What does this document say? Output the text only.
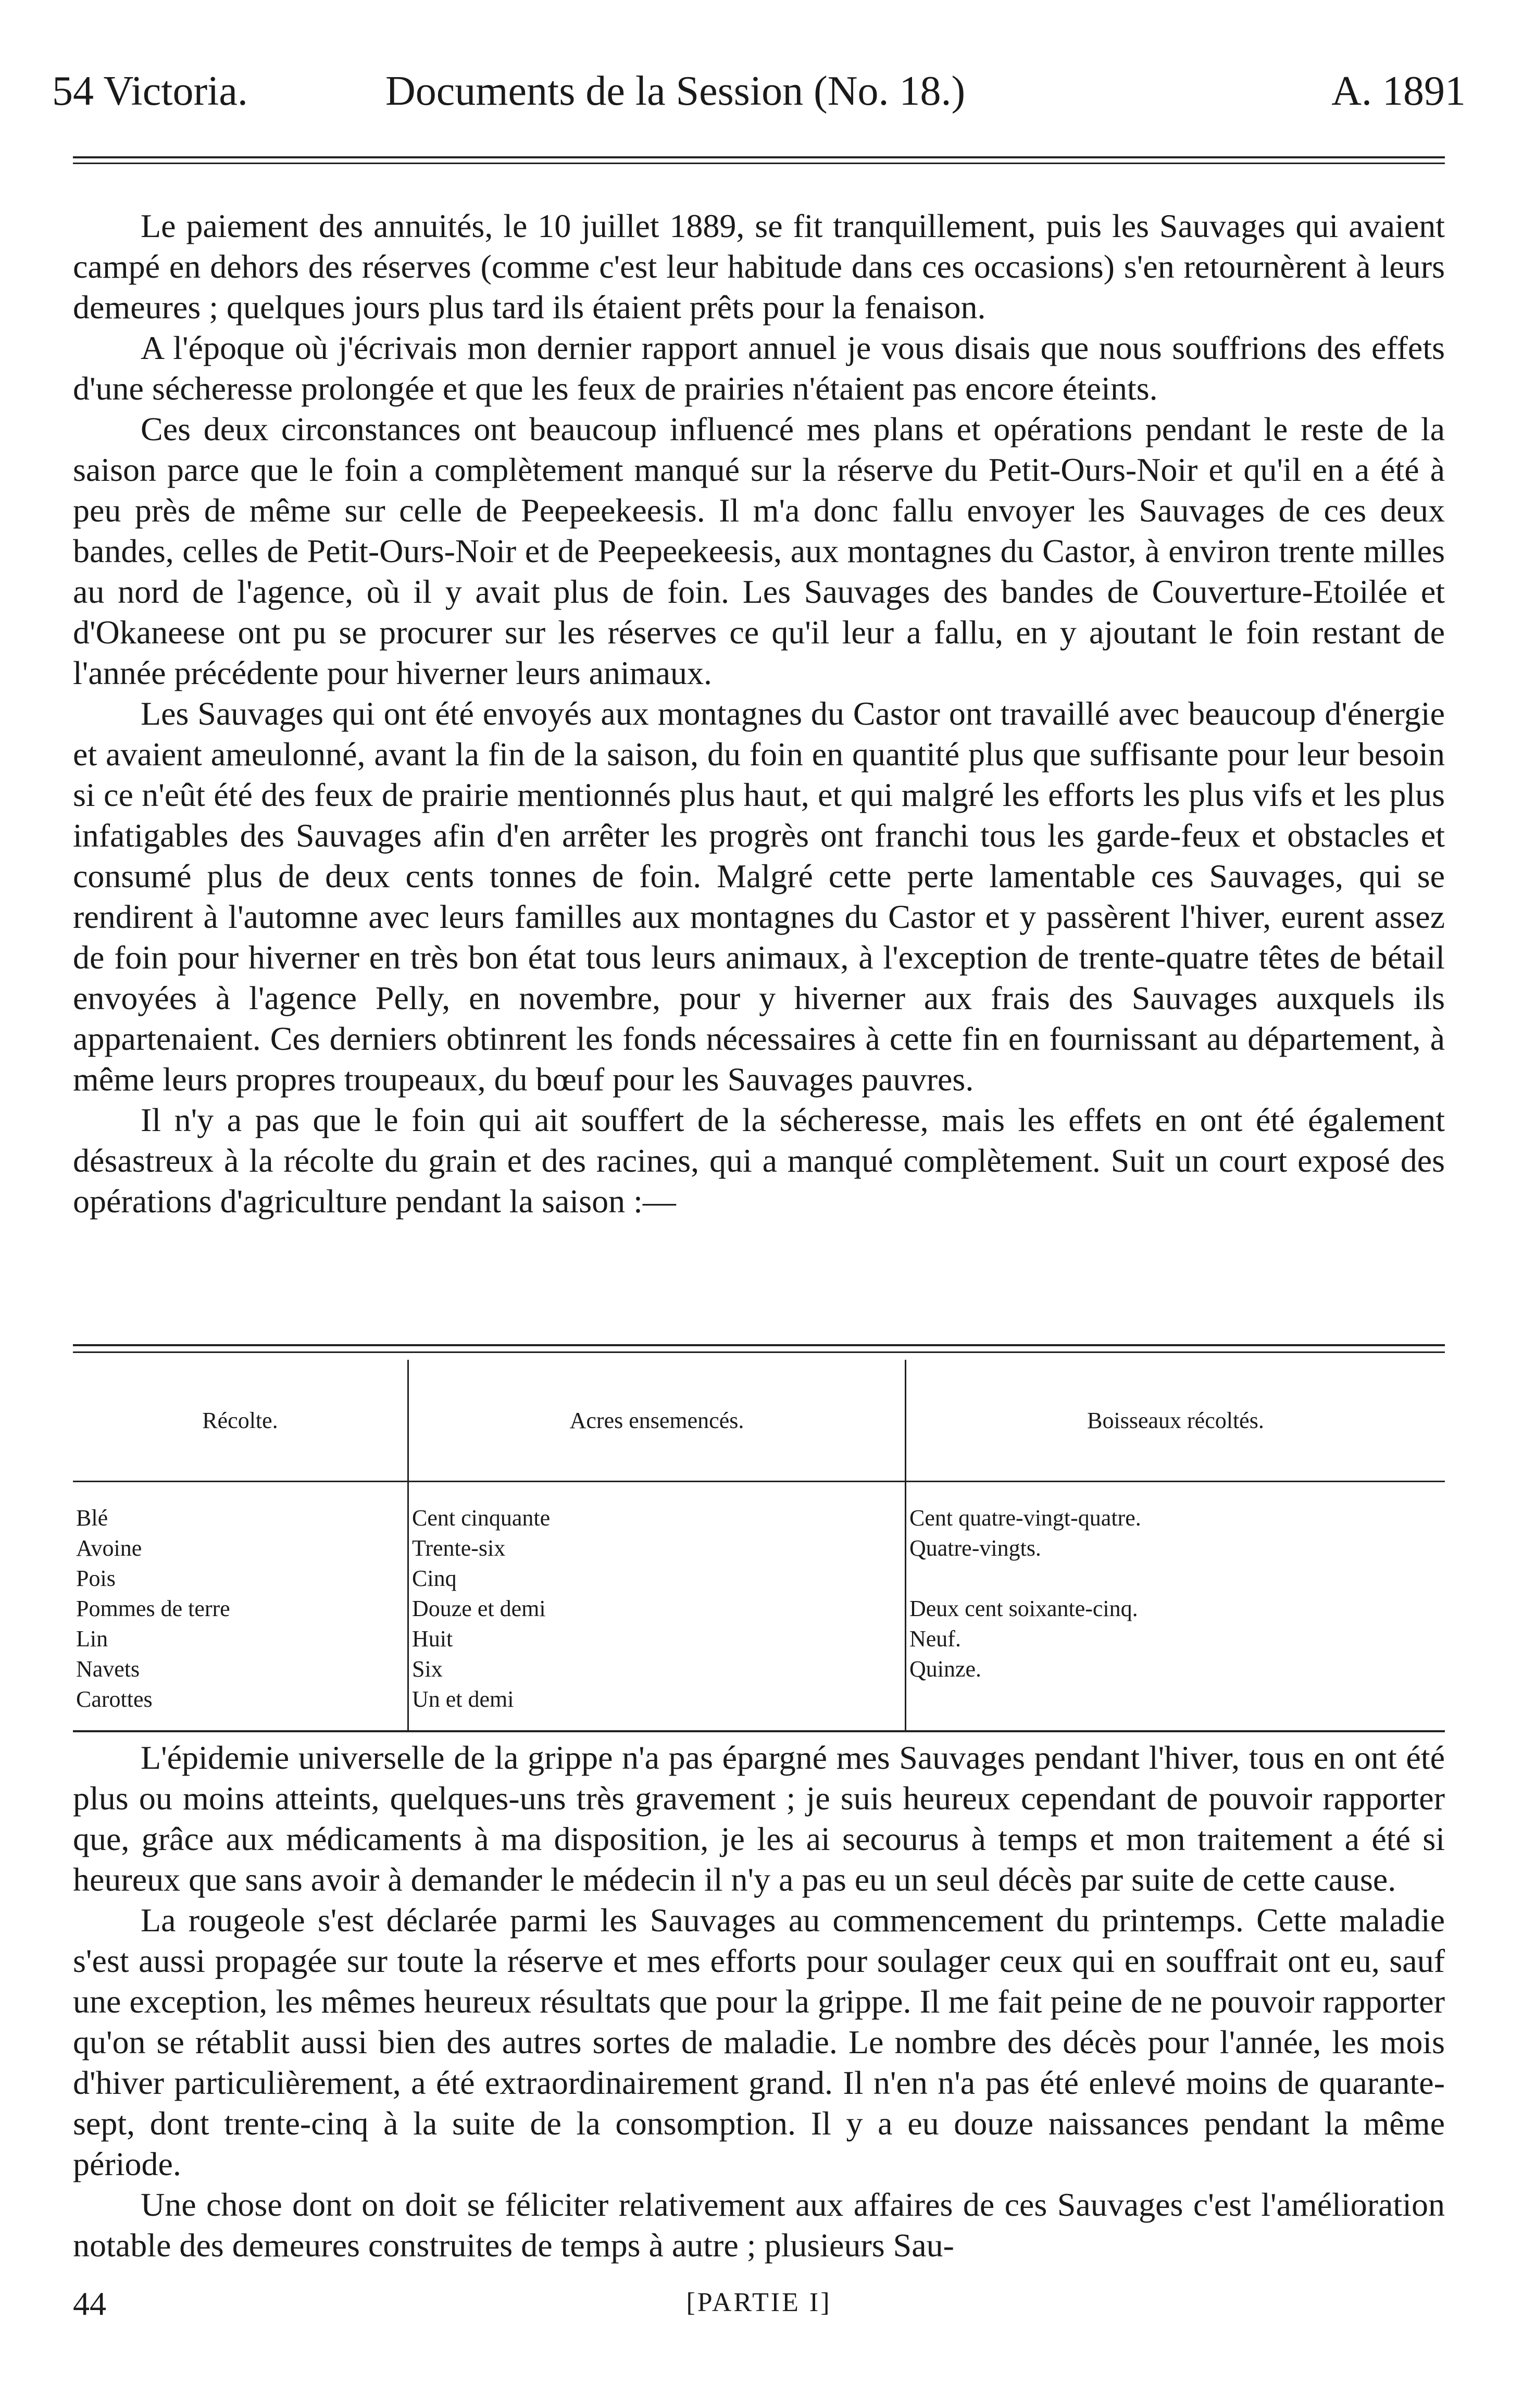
54 Victoria.	Documents de la Session (No. 18.)	A. 1891

Le paiement des annuités, le 10 juillet 1889, se fit tranquillement, puis les Sauvages qui avaient campé en dehors des réserves (comme c'est leur habitude dans ces occasions) s'en retournèrent à leurs demeures ; quelques jours plus tard ils étaient prêts pour la fenaison.

A l'époque où j'écrivais mon dernier rapport annuel je vous disais que nous souffrions des effets d'une sécheresse prolongée et que les feux de prairies n'étaient pas encore éteints.

Ces deux circonstances ont beaucoup influencé mes plans et opérations pendant le reste de la saison parce que le foin a complètement manqué sur la réserve du Petit-Ours-Noir et qu'il en a été à peu près de même sur celle de Peepeekeesis. Il m'a donc fallu envoyer les Sauvages de ces deux bandes, celles de Petit-Ours-Noir et de Peepeekeesis, aux montagnes du Castor, à environ trente milles au nord de l'agence, où il y avait plus de foin. Les Sauvages des bandes de Couverture-Etoilée et d'Okaneese ont pu se procurer sur les réserves ce qu'il leur a fallu, en y ajoutant le foin restant de l'année précédente pour hiverner leurs animaux.

Les Sauvages qui ont été envoyés aux montagnes du Castor ont travaillé avec beaucoup d'énergie et avaient ameulonné, avant la fin de la saison, du foin en quantité plus que suffisante pour leur besoin si ce n'eût été des feux de prairie mentionnés plus haut, et qui malgré les efforts les plus vifs et les plus infatigables des Sauvages afin d'en arrêter les progrès ont franchi tous les garde-feux et obstacles et consumé plus de deux cents tonnes de foin. Malgré cette perte lamentable ces Sauvages, qui se rendirent à l'automne avec leurs familles aux montagnes du Castor et y passèrent l'hiver, eurent assez de foin pour hiverner en très bon état tous leurs animaux, à l'exception de trente-quatre têtes de bétail envoyées à l'agence Pelly, en novembre, pour y hiverner aux frais des Sauvages auxquels ils appartenaient. Ces derniers obtinrent les fonds nécessaires à cette fin en fournissant au département, à même leurs propres troupeaux, du bœuf pour les Sauvages pauvres.

Il n'y a pas que le foin qui ait souffert de la sécheresse, mais les effets en ont été également désastreux à la récolte du grain et des racines, qui a manqué complètement. Suit un court exposé des opérations d'agriculture pendant la saison :—

Récolte.	Acres ensemencés.	Boisseaux récoltés.
Blé	Cent cinquante	Cent quatre-vingt-quatre.
Avoine	Trente-six	Quatre-vingts.
Pois	Cinq	
Pommes de terre	Douze et demi	Deux cent soixante-cinq.
Lin	Huit	Neuf.
Navets	Six	Quinze.
Carottes	Un et demi	

L'épidemie universelle de la grippe n'a pas épargné mes Sauvages pendant l'hiver, tous en ont été plus ou moins atteints, quelques-uns très gravement ; je suis heureux cependant de pouvoir rapporter que, grâce aux médicaments à ma disposition, je les ai secourus à temps et mon traitement a été si heureux que sans avoir à demander le médecin il n'y a pas eu un seul décès par suite de cette cause.

La rougeole s'est déclarée parmi les Sauvages au commencement du printemps. Cette maladie s'est aussi propagée sur toute la réserve et mes efforts pour soulager ceux qui en souffrait ont eu, sauf une exception, les mêmes heureux résultats que pour la grippe. Il me fait peine de ne pouvoir rapporter qu'on se rétablit aussi bien des autres sortes de maladie. Le nombre des décès pour l'année, les mois d'hiver particulièrement, a été extraordinairement grand. Il n'en n'a pas été enlevé moins de quarante-sept, dont trente-cinq à la suite de la consomption. Il y a eu douze naissances pendant la même période.

Une chose dont on doit se féliciter relativement aux affaires de ces Sauvages c'est l'amélioration notable des demeures construites de temps à autre ; plusieurs Sau-

44	[PARTIE I]
